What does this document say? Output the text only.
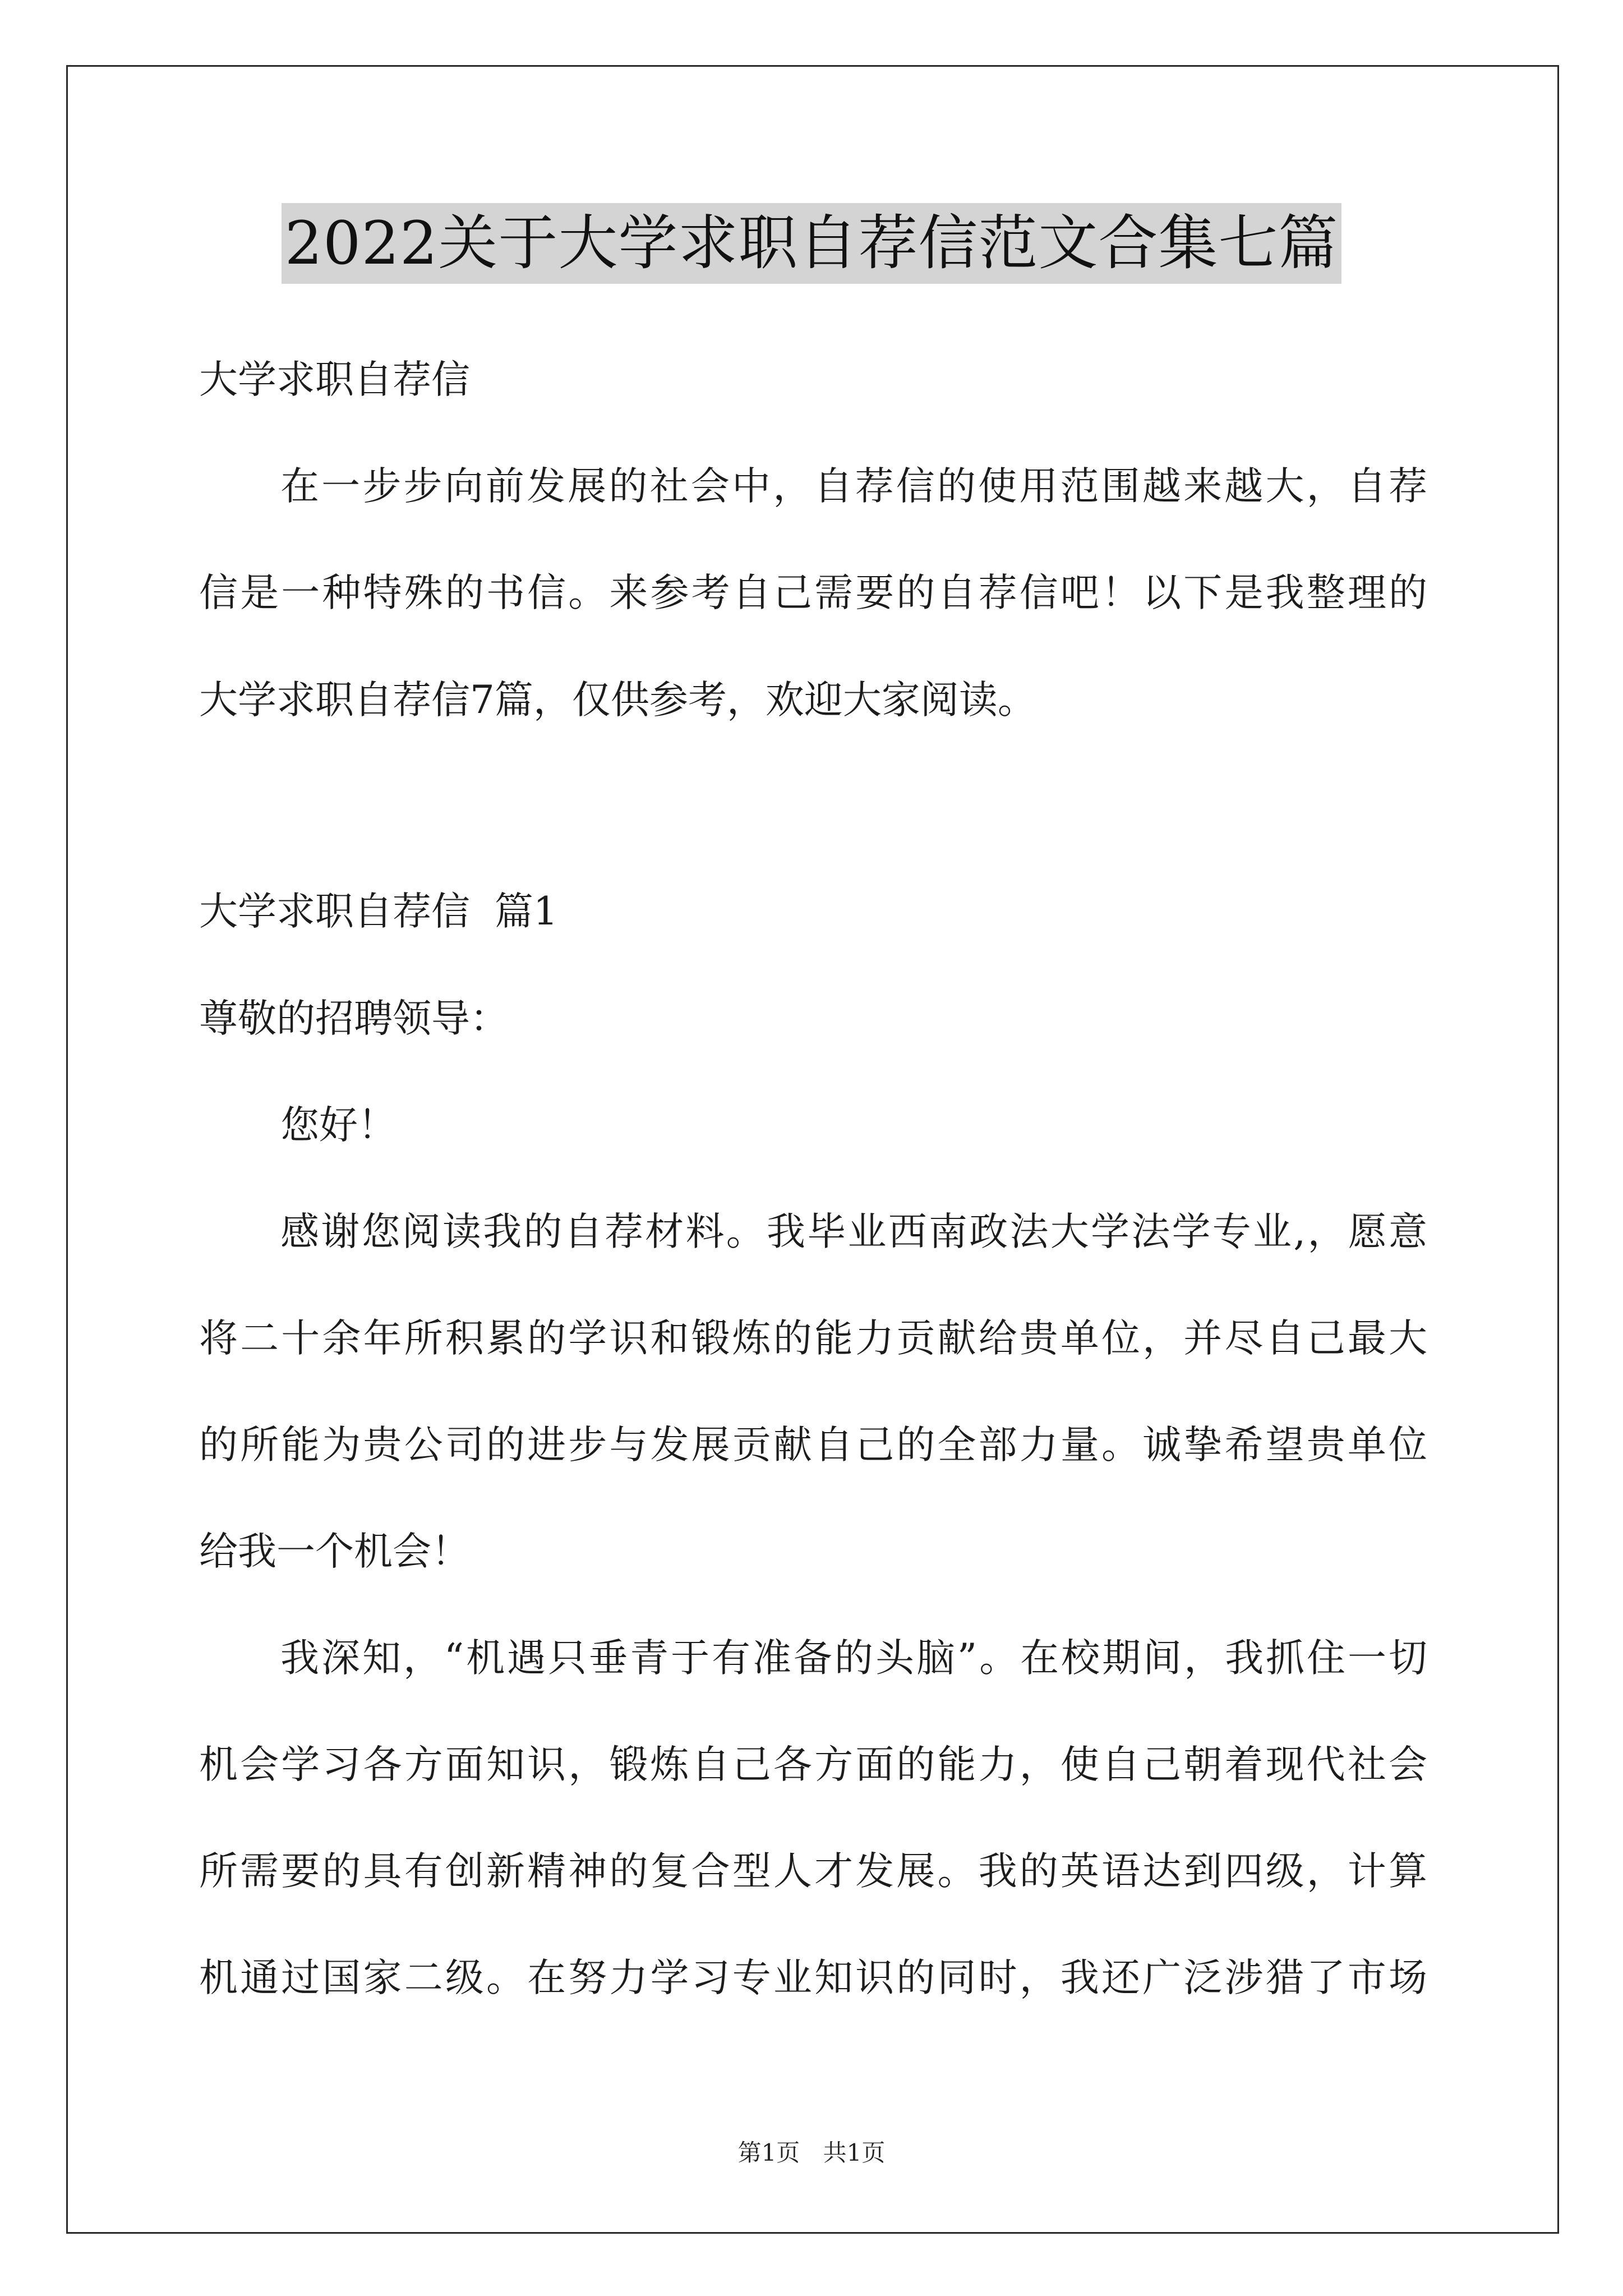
2022关于大学求职自荐信范文合集七篇
大学求职自荐信
在一步步向前发展的社会中，自荐信的使用范围越来越大，自荐
信是一种特殊的书信。来参考自己需要的自荐信吧！以下是我整理的
大学求职自荐信7篇，仅供参考，欢迎大家阅读。
大学求职自荐信  篇1
尊敬的招聘领导：
您好！
感谢您阅读我的自荐材料。我毕业西南政法大学法学专业,，愿意
将二十余年所积累的学识和锻炼的能力贡献给贵单位，并尽自己最大
的所能为贵公司的进步与发展贡献自己的全部力量。诚挚希望贵单位
给我一个机会！
我深知，“机遇只垂青于有准备的头脑”。在校期间，我抓住一切
机会学习各方面知识，锻炼自己各方面的能力，使自己朝着现代社会
所需要的具有创新精神的复合型人才发展。我的英语达到四级，计算
机通过国家二级。在努力学习专业知识的同时，我还广泛涉猎了市场
第1页 共1页
